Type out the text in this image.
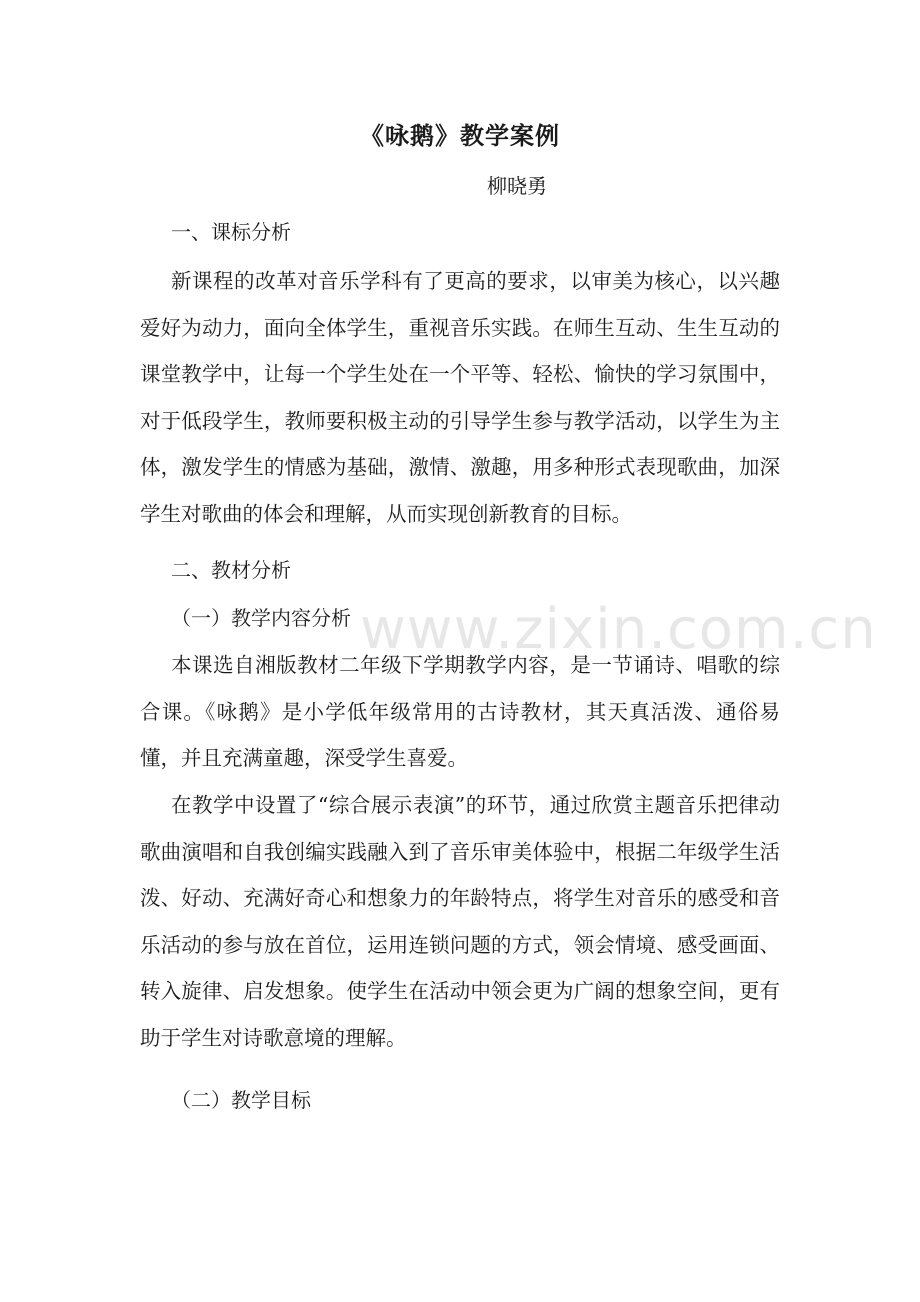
《咏鹅》教学案例
柳晓勇

一、课标分析

新课程的改革对音乐学科有了更高的要求，以审美为核心，以兴趣爱好为动力，面向全体学生，重视音乐实践。在师生互动、生生互动的课堂教学中，让每一个学生处在一个平等、轻松、愉快的学习氛围中，对于低段学生，教师要积极主动的引导学生参与教学活动，以学生为主体，激发学生的情感为基础，激情、激趣，用多种形式表现歌曲，加深学生对歌曲的体会和理解，从而实现创新教育的目标。

二、教材分析

（一）教学内容分析

本课选自湘版教材二年级下学期教学内容，是一节诵诗、唱歌的综合课。《咏鹅》是小学低年级常用的古诗教材，其天真活泼、通俗易懂，并且充满童趣，深受学生喜爱。

在教学中设置了“综合展示表演”的环节，通过欣赏主题音乐把律动歌曲演唱和自我创编实践融入到了音乐审美体验中，根据二年级学生活泼、好动、充满好奇心和想象力的年龄特点，将学生对音乐的感受和音乐活动的参与放在首位，运用连锁问题的方式，领会情境、感受画面、转入旋律、启发想象。使学生在活动中领会更为广阔的想象空间，更有助于学生对诗歌意境的理解。

（二）教学目标

www.zixin.com.cn
